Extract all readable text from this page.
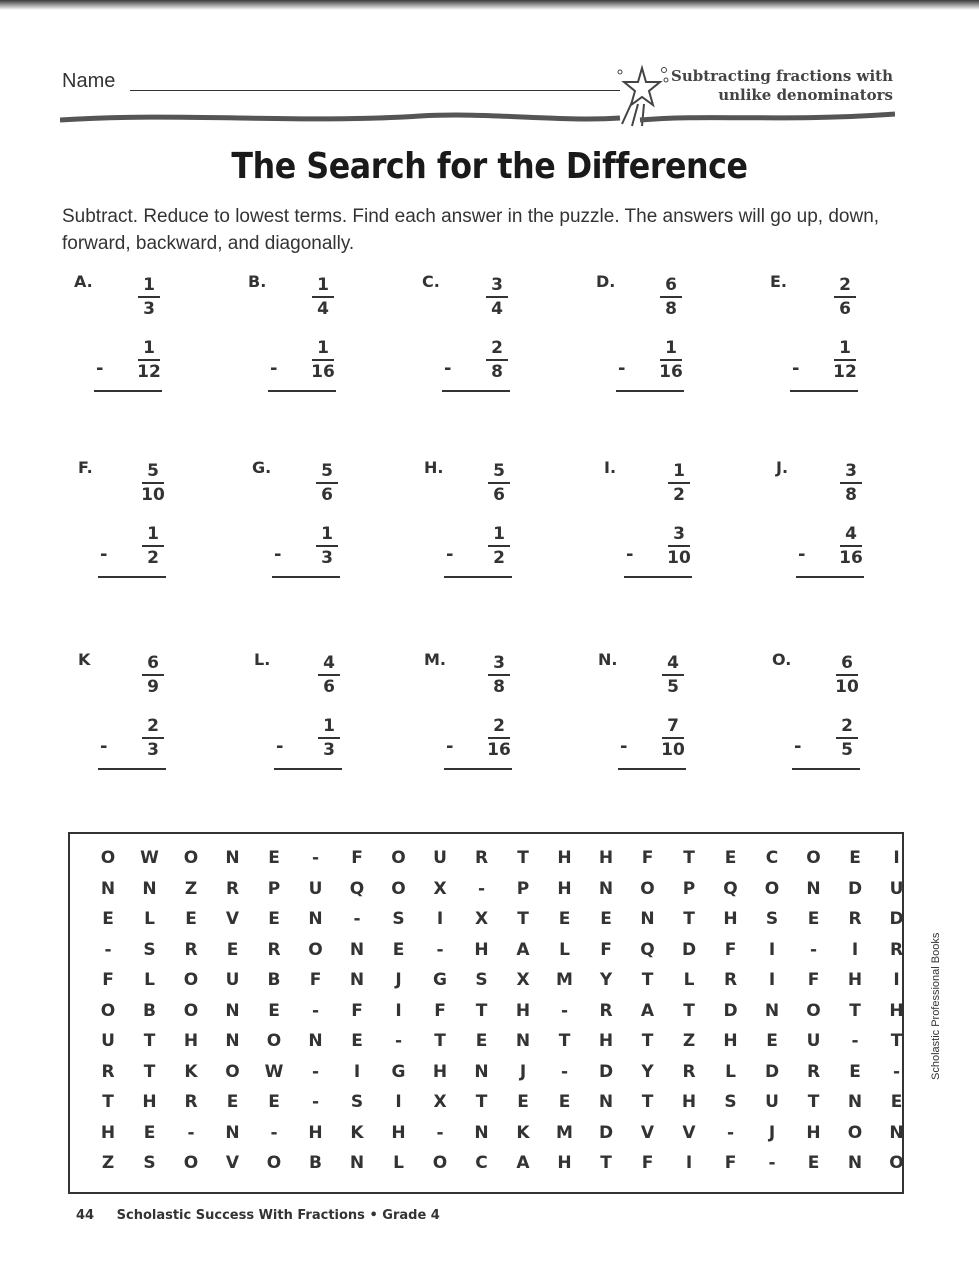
Name	Subtracting fractions with
unlike denominators
The Search for the Difference
Subtract. Reduce to lowest terms. Find each answer in the puzzle. The answers will go up, down, forward, backward, and diagonally.
A.	1
3
-
1
12
B.	1
4
-
1
16
C.	3
4
-
2
8
D.	6
8
-
1
16
E.	2
6
-
1
12
F.	5
10
-
1
2
G.	5
6
-
1
3
H.	5
6
-
1
2
I.	1
2
-
3
10
J.	3
8
-
4
16
K	6
9
-
2
3
L.	4
6
-
1
3
M.	3
8
-
2
16
N.	4
5
-
7
10
O.	6
10
-
2
5
O	W	O	N	E	-	F	O	U	R	T	H	H	F	T	E	C	O	E	I
N	N	Z	R	P	U	Q	O	X	-	P	H	N	O	P	Q	O	N	D	U
E	L	E	V	E	N	-	S	I	X	T	E	E	N	T	H	S	E	R	D
-	S	R	E	R	O	N	E	-	H	A	L	F	Q	D	F	I	-	I	R
F	L	O	U	B	F	N	J	G	S	X	M	Y	T	L	R	I	F	H	I
O	B	O	N	E	-	F	I	F	T	H	-	R	A	T	D	N	O	T	H
U	T	H	N	O	N	E	-	T	E	N	T	H	T	Z	H	E	U	-	T
R	T	K	O	W	-	I	G	H	N	J	-	D	Y	R	L	D	R	E	-
T	H	R	E	E	-	S	I	X	T	E	E	N	T	H	S	U	T	N	E
H	E	-	N	-	H	K	H	-	N	K	M	D	V	V	-	J	H	O	N
Z	S	O	V	O	B	N	L	O	C	A	H	T	F	I	F	-	E	N	O
44 Scholastic Success With Fractions • Grade 4
Scholastic Professional Books
